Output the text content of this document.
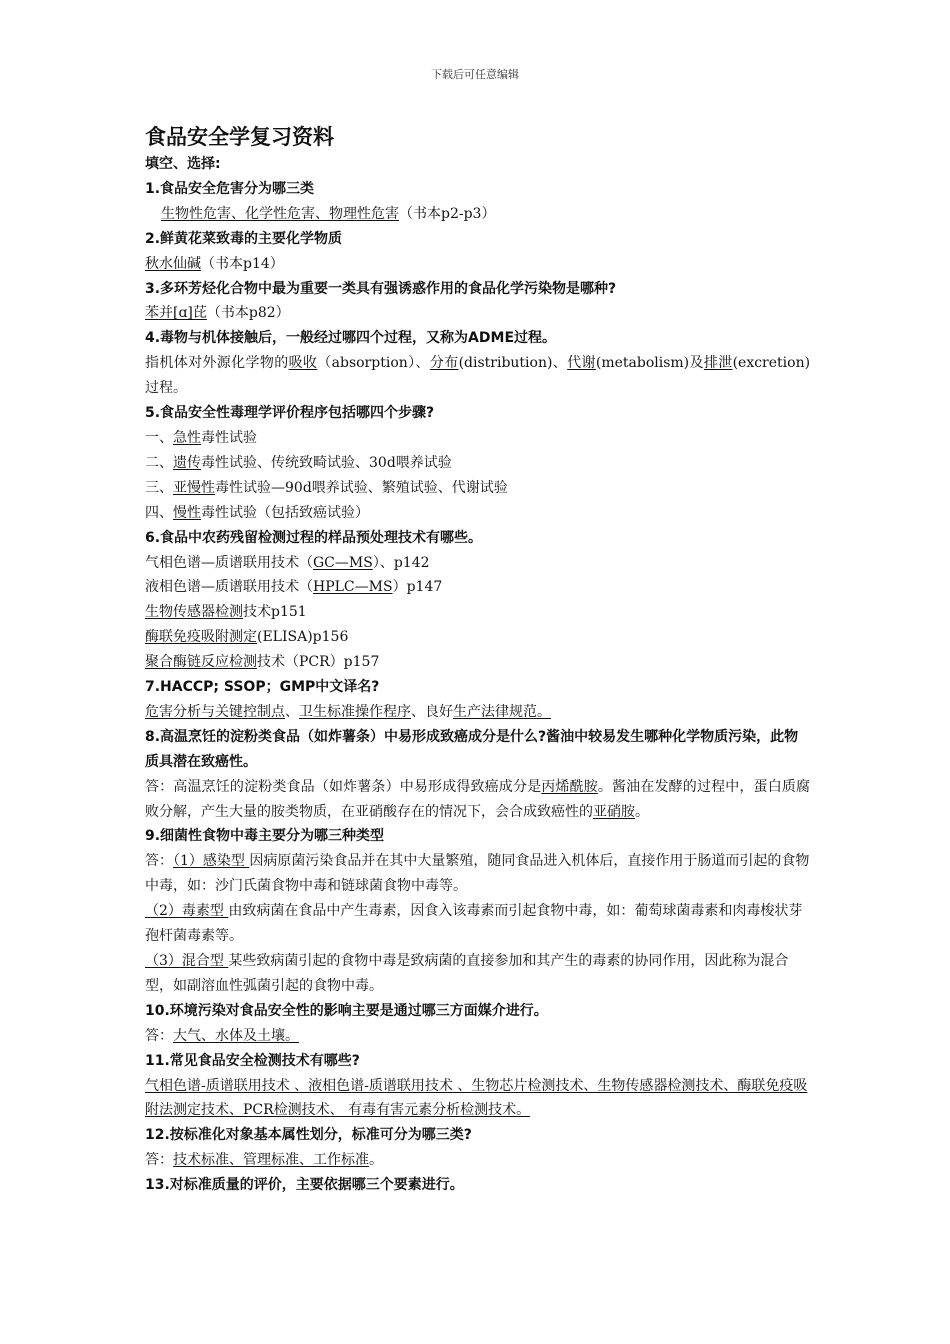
下载后可任意编辑
食品安全学复习资料
填空、选择:
1.食品安全危害分为哪三类
生物性危害、化学性危害、物理性危害（书本p2-p3）
2.鲜黄花菜致毒的主要化学物质
秋水仙碱（书本p14）
3.多环芳烃化合物中最为重要一类具有强诱惑作用的食品化学污染物是哪种?
苯并[ɑ]芘（书本p82）
4.毒物与机体接触后，一般经过哪四个过程，又称为ADME过程。
指机体对外源化学物的吸收（absorption）、分布(distribution)、代谢(metabolism)及排泄(excretion)过程。
5.食品安全性毒理学评价程序包括哪四个步骤?
一、急性毒性试验
二、遗传毒性试验、传统致畸试验、30d喂养试验
三、亚慢性毒性试验—90d喂养试验、繁殖试验、代谢试验
四、慢性毒性试验（包括致癌试验）
6.食品中农药残留检测过程的样品预处理技术有哪些。
气相色谱—质谱联用技术（GC—MS）、p142
液相色谱—质谱联用技术（HPLC—MS）p147
生物传感器检测技术p151
酶联免疫吸附测定(ELISA)p156
聚合酶链反应检测技术（PCR）p157
7.HACCP; SSOP；GMP中文译名?
危害分析与关键控制点、卫生标准操作程序、良好生产法律规范。
8.高温烹饪的淀粉类食品（如炸薯条）中易形成致癌成分是什么?酱油中较易发生哪种化学物质污染，此物质具潜在致癌性。
答：高温烹饪的淀粉类食品（如炸薯条）中易形成得致癌成分是丙烯酰胺。酱油在发酵的过程中，蛋白质腐败分解，产生大量的胺类物质，在亚硝酸存在的情况下，会合成致癌性的亚硝胺。
9.细菌性食物中毒主要分为哪三种类型
答：（1）感染型 因病原菌污染食品并在其中大量繁殖，随同食品进入机体后，直接作用于肠道而引起的食物中毒，如：沙门氏菌食物中毒和链球菌食物中毒等。
（2）毒素型 由致病菌在食品中产生毒素，因食入该毒素而引起食物中毒，如：葡萄球菌毒素和肉毒梭状芽孢杆菌毒素等。
（3）混合型 某些致病菌引起的食物中毒是致病菌的直接参加和其产生的毒素的协同作用，因此称为混合型，如副溶血性弧菌引起的食物中毒。
10.环境污染对食品安全性的影响主要是通过哪三方面媒介进行。
答：大气、水体及土壤。
11.常见食品安全检测技术有哪些?
气相色谱-质谱联用技术 、液相色谱-质谱联用技术 、生物芯片检测技术、生物传感器检测技术、酶联免疫吸附法测定技术、PCR检测技术、 有毒有害元素分析检测技术。
12.按标准化对象基本属性划分，标准可分为哪三类?
答：技术标准、管理标准、工作标准。
13.对标准质量的评价，主要依据哪三个要素进行。
